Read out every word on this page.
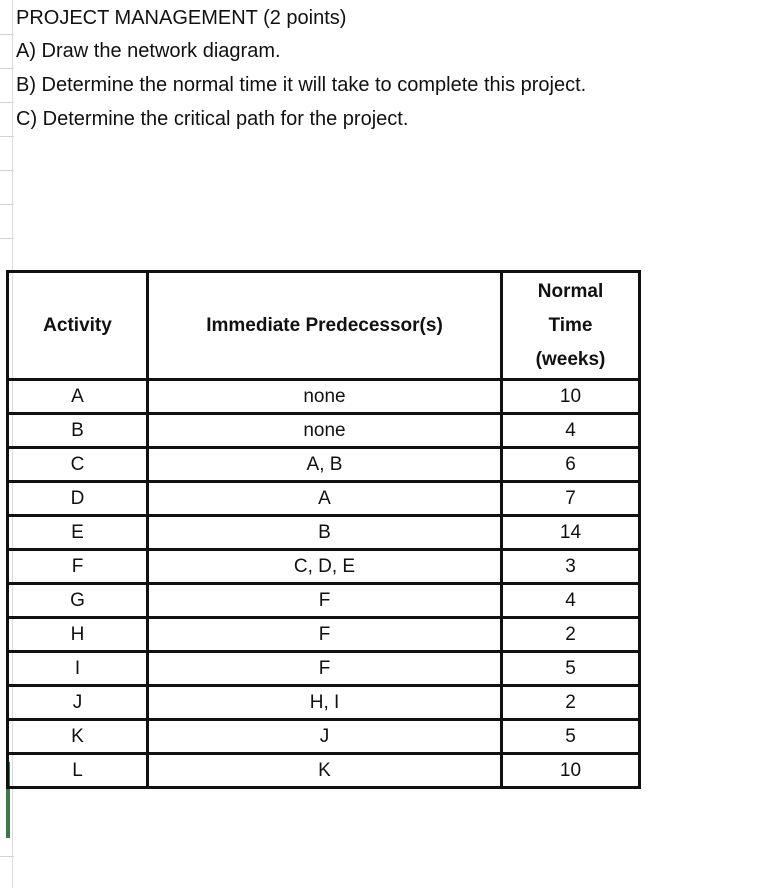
PROJECT MANAGEMENT (2 points)
A) Draw the network diagram.
B) Determine the normal time it will take to complete this project.
C) Determine the critical path for the project.
Activity	Immediate Predecessor(s)	Normal
Time
(weeks)

A	none	10
B	none	4
C	A, B	6
D	A	7
E	B	14
F	C, D, E	3
G	F	4
H	F	2
I	F	5
J	H, I	2
K	J	5
L	K	10
